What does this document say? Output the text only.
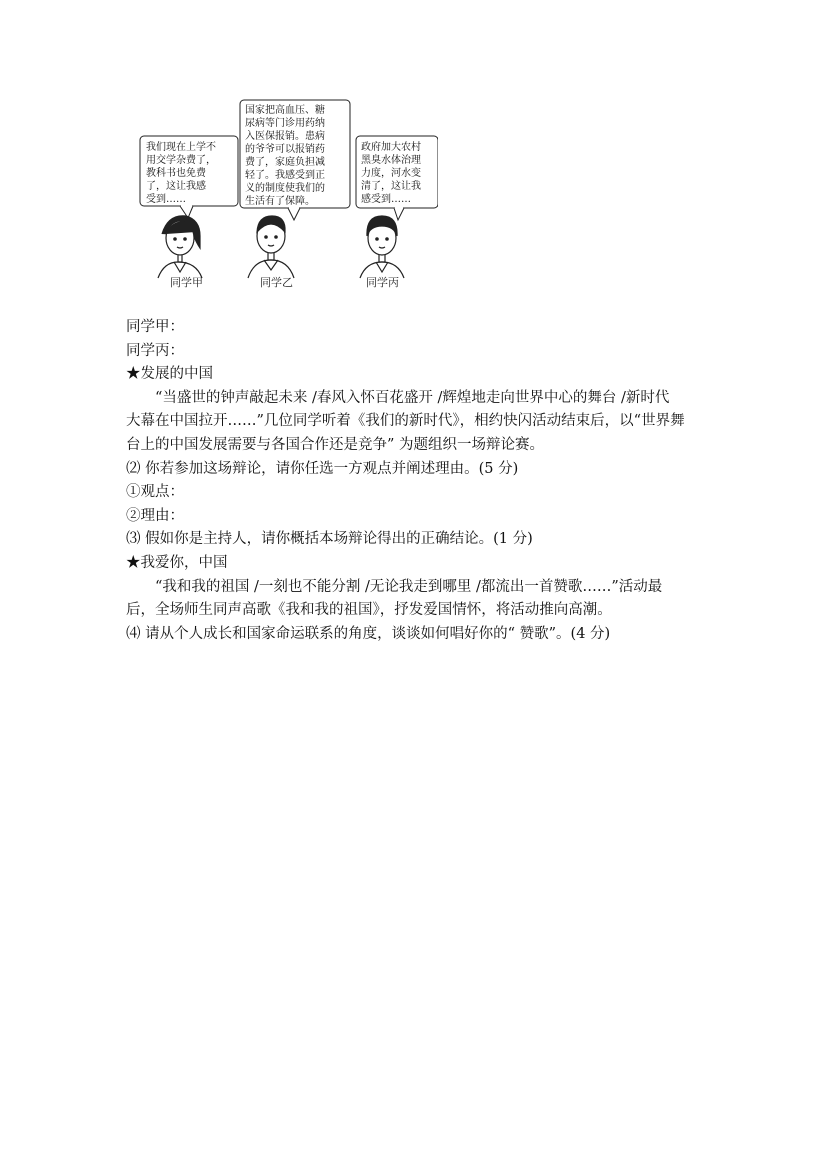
我们现在上学不
用交学杂费了，
教科书也免费
了，这让我感
受到……
国家把高血压、糖
尿病等门诊用药纳
入医保报销。患病
的爷爷可以报销药
费了，家庭负担减
轻了。我感受到正
义的制度使我们的
生活有了保障。
政府加大农村
黑臭水体治理
力度，河水变
清了，这让我
感受到……
同学甲	同学乙	同学丙

同学甲：

同学丙：

★发展的中国

“当盛世的钟声敲起未来 /春风入怀百花盛开 /辉煌地走向世界中心的舞台 /新时代

大幕在中国拉开……”几位同学听着《我们的新时代》，相约快闪活动结束后，以“世界舞

台上的中国发展需要与各国合作还是竞争” 为题组织一场辩论赛。

⑵ 你若参加这场辩论，请你任选一方观点并阐述理由。(5 分)

①观点：

②理由：

⑶ 假如你是主持人，请你概括本场辩论得出的正确结论。(1 分)

★我爱你，中国

“我和我的祖国 /一刻也不能分割 /无论我走到哪里 /都流出一首赞歌……”活动最

后，全场师生同声高歌《我和我的祖国》，抒发爱国情怀，将活动推向高潮。

⑷ 请从个人成长和国家命运联系的角度，谈谈如何唱好你的“ 赞歌”。(4 分)
